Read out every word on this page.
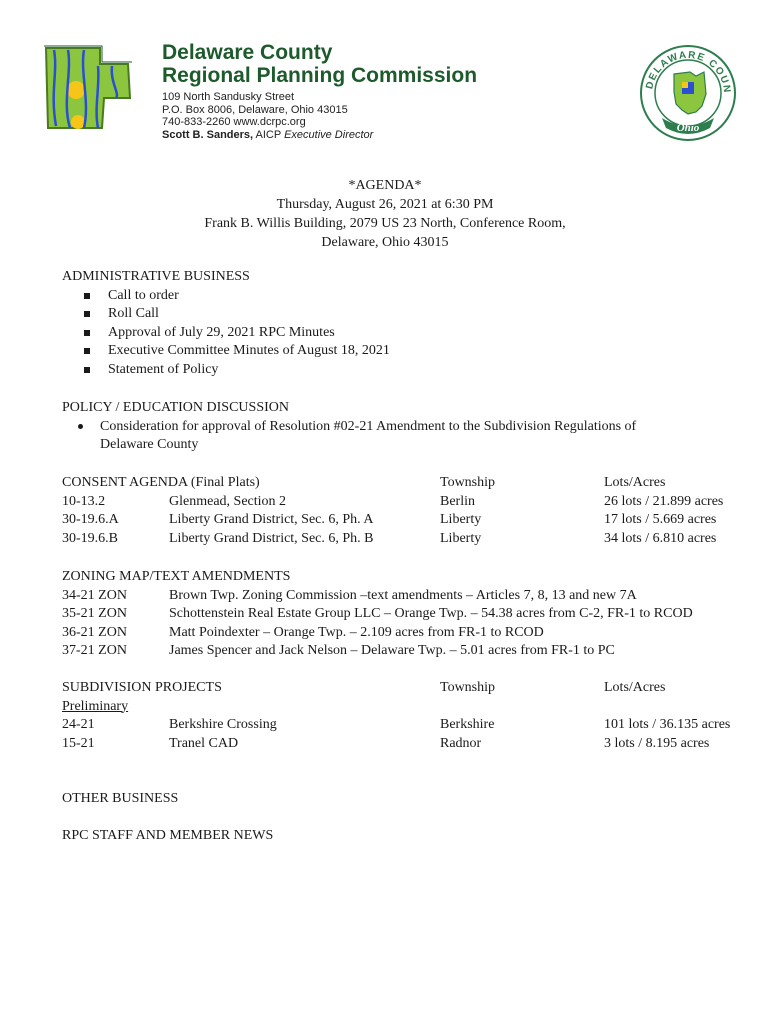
Delaware County
Regional Planning Commission
109 North Sandusky Street
P.O. Box 8006, Delaware, Ohio 43015
740-833-2260 www.dcrpc.org
Scott B. Sanders, AICP Executive Director
DELAWARE COUN
Ohio
*AGENDA*
Thursday, August 26, 2021 at 6:30 PM
Frank B. Willis Building, 2079 US 23 North, Conference Room,
Delaware, Ohio 43015
ADMINISTRATIVE BUSINESS
Call to order
Roll Call
Approval of July 29, 2021 RPC Minutes
Executive Committee Minutes of August 18, 2021
Statement of Policy
POLICY / EDUCATION DISCUSSION
Consideration for approval of Resolution #02-21 Amendment to the Subdivision Regulations of Delaware County
CONSENT AGENDA (Final Plats)	Township	Lots/Acres
10-13.2	Glenmead, Section 2	Berlin	26 lots / 21.899 acres
30-19.6.A	Liberty Grand District, Sec. 6, Ph. A	Liberty	17 lots / 5.669 acres
30-19.6.B	Liberty Grand District, Sec. 6, Ph. B	Liberty	34 lots / 6.810 acres
ZONING MAP/TEXT AMENDMENTS
34-21 ZON	Brown Twp. Zoning Commission –text amendments – Articles 7, 8, 13 and new 7A
35-21 ZON	Schottenstein Real Estate Group LLC – Orange Twp. – 54.38 acres from C-2, FR-1 to RCOD
36-21 ZON	Matt Poindexter – Orange Twp. – 2.109 acres from FR-1 to RCOD
37-21 ZON	James Spencer and Jack Nelson – Delaware Twp. – 5.01 acres from FR-1 to PC
SUBDIVISION PROJECTS	Township	Lots/Acres
Preliminary
24-21	Berkshire Crossing	Berkshire	101 lots / 36.135 acres
15-21	Tranel CAD	Radnor	3 lots / 8.195 acres
OTHER BUSINESS
RPC STAFF AND MEMBER NEWS
